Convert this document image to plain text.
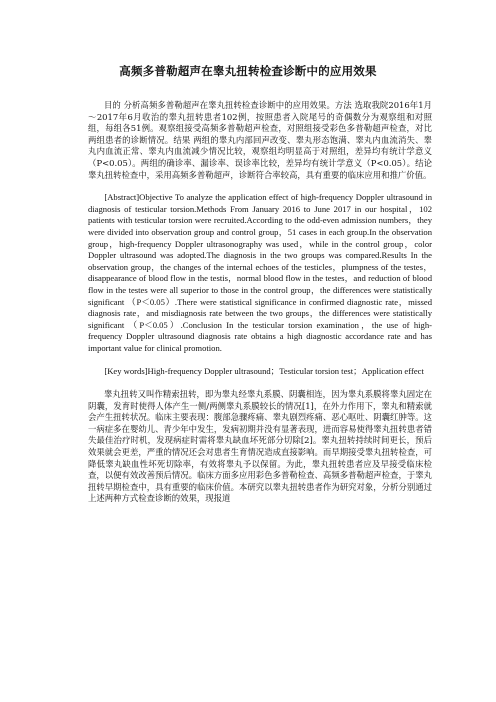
高频多普勒超声在睾丸扭转检查诊断中的应用效果

目的 分析高频多普勒超声在睾丸扭转检查诊断中的应用效果。方法 选取我院2016年1月～2017年6月收治的睾丸扭转患者102例，按照患者入院尾号的奇偶数分为观察组和对照组，每组各51例。观察组接受高频多普勒超声检查，对照组接受彩色多普勒超声检查，对比两组患者的诊断情况。结果 两组的睾丸内部回声改变、睾丸形态饱满、睾丸内血流消失、睾丸内血流正常、睾丸内血流减少情况比较，观察组均明显高于对照组，差异均有统计学意义（P<0.05）。两组的确诊率、漏诊率、误诊率比较，差异均有统计学意义（P<0.05）。结论 睾丸扭转检查中，采用高频多普勒超声，诊断符合率较高，具有重要的临床应用和推广价值。

[Abstract]Objective To analyze the application effect of high-frequency Doppler ultrasound in diagnosis of testicular torsion.Methods From January 2016 to June 2017 in our hospital，102 patients with testicular torsion were recruited.According to the odd-even admission numbers，they were divided into observation group and control group，51 cases in each group.In the observation group，high-frequency Doppler ultrasonography was used，while in the control group，color Doppler ultrasound was adopted.The diagnosis in the two groups was compared.Results In the observation group，the changes of the internal echoes of the testicles，plumpness of the testes，disappearance of blood flow in the testis，normal blood flow in the testes，and reduction of blood flow in the testes were all superior to those in the control group，the differences were statistically significant （P＜0.05）.There were statistical significance in confirmed diagnostic rate，missed diagnosis rate，and misdiagnosis rate between the two groups，the differences were statistically significant （P＜0.05）.Conclusion In the testicular torsion examination，the use of high-frequency Doppler ultrasound diagnosis rate obtains a high diagnostic accordance rate and has important value for clinical promotion.

[Key words]High-frequency Doppler ultrasound；Testicular torsion test；Application effect

睾丸扭转又叫作精索扭转，即为睾丸经睾丸系膜、阴囊相连，因为睾丸系膜将睾丸固定在阴囊，发育时使得人体产生一侧/两侧睾丸系膜较长的情况[1]，在外力作用下，睾丸和精索就会产生扭转状况。临床主要表现：腹部急骤疼痛、睾丸剧烈疼痛、恶心呕吐、阴囊红肿等。这一病症多在婴幼儿、青少年中发生，发病初期并没有显著表现，进而容易使得睾丸扭转患者错失最佳治疗时机，发现病症时需将睾丸缺血坏死部分切除[2]。睾丸扭转持续时间更长，预后效果就会更差，严重的情况还会对患者生育情况造成直接影响。而早期接受睾丸扭转检查，可降低睾丸缺血性坏死切除率，有效将睾丸予以保留。为此，睾丸扭转患者应及早接受临床检查，以便有效改善预后情况。临床方面多应用彩色多普勒检查、高频多普勒超声检查，于睾丸扭转早期检查中，具有重要的临床价值。本研究以睾丸扭转患者作为研究对象，分析分别通过上述两种方式检查诊断的效果，现报道
